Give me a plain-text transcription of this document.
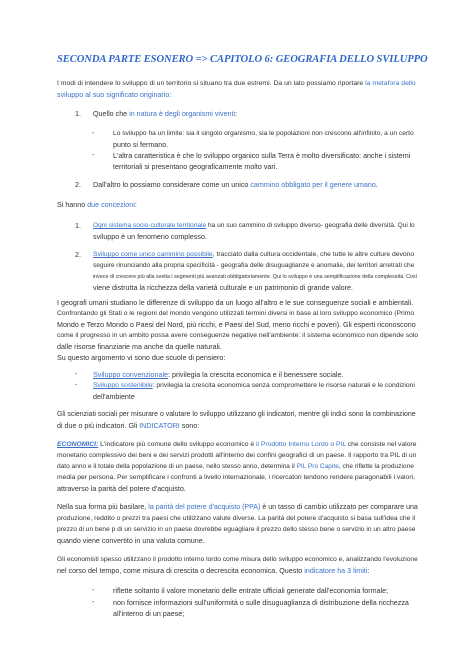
SECONDA PARTE ESONERO => CAPITOLO 6: GEOGRAFIA DELLO SVILUPPO
I modi di intendere lo sviluppo di un territorio si situano tra due estremi. Da un lato possiamo riportare la metafora dello
sviluppo al suo significato originario:
1. Quello che in natura è degli organismi viventi:
-	Lo sviluppo ha un limite: sia il singolo organismo, sia le popolazioni non crescono all'infinito, a un certo
punto si fermano.
-	L'altra caratteristica è che lo sviluppo organico sulla Terra è molto diversificato: anche i sistemi
territoriali si presentano geograficamente molto vari.
2. Dall'altro lo possiamo considerare come un unico cammino obbligato per il genere umano.
Si hanno due concezioni:
1. Ogni sistema socio-culturale territoriale ha un suo cammino di sviluppo diverso- geografia delle diversità. Qui lo
sviluppo è un fenomeno complesso.
2. Sviluppo come unico cammino possibile, tracciato dalla cultura occidentale, che tutte le altre culture devono
seguire rinunciando alla propria specificità - geografia delle disuguaglianze e anomalie, dei territori arretrati che
invece di crescere più alla svelta i segmenti più avanzati obbligatoriamente. Qui lo sviluppo è una semplificazione della complessità. Così
viene distrutta la ricchezza della varietà culturale e un patrimonio di grande valore.
I geografi umani studiano le differenze di sviluppo da un luogo all'altro e le sue conseguenze sociali e ambientali.
Confrontando gli Stati o le regioni del mondo vengono utilizzati termini diversi in base al loro sviluppo economico (Primo
Mondo e Terzo Mondo o Paesi del Nord, più ricchi, e Paesi del Sud, meno ricchi e poveri). Gli esperti riconoscono
come il progresso in un ambito possa avere conseguenze negative nell'ambiente: il sistema economico non dipende solo
dalle risorse finanziarie ma anche da quelle naturali.
Su questo argomento vi sono due scuole di pensiero:
- Sviluppo convenzionale: privilegia la crescita economica e il benessere sociale.
- Sviluppo sostenibile: privilegia la crescita economica senza compromettere le risorse naturali e le condizioni
dell'ambiente
Gli scienziati sociali per misurare o valutare lo sviluppo utilizzano gli indicatori, mentre gli indici sono la combinazione
di due o più indicatori. Gli INDICATORI sono:
ECONOMICI: L'indicatore più comune dello sviluppo economico è il Prodotto Interno Lordo o PIL che consiste nel valore
monetario complessivo dei beni e dei servizi prodotti all'interno dei confini geografici di un paese. Il rapporto tra PIL di un
dato anno e il totale della popolazione di un paese, nello stesso anno, determina il PIL Pro Capite, che riflette la produzione
media per persona. Per semplificare i confronti a livello internazionale, i ricercatori tendono rendere paragonabili i valori,
attraverso la parità del potere d'acquisto.
Nella sua forma più basilare, la parità del potere d'acquisto (PPA) è un tasso di cambio utilizzato per comparare una
produzione, reddito o prezzi tra paesi che utilizzano valute diverse. La parità del potere d'acquisto si basa sull'idea che il
prezzo di un bene p di un servizio in un paese dovrebbe eguagliare il prezzo dello stesso bene o servizio in un altro paese
quando viene convertito in una valuta comune.
Gli economisti spesso utilizzano il prodotto interno lordo come misura dello sviluppo economico e, analizzando l'evoluzione
nel corso del tempo, come misura di crescita o decrescita economica. Questo indicatore ha 3 limiti:
-	riflette soltanto il valore monetario delle entrate ufficiali generate dall'economia formale;
-	non fornisce informazioni sull'uniformità o sulle disuguaglianza di distribuzione della ricchezza
all'interno di un paese;
